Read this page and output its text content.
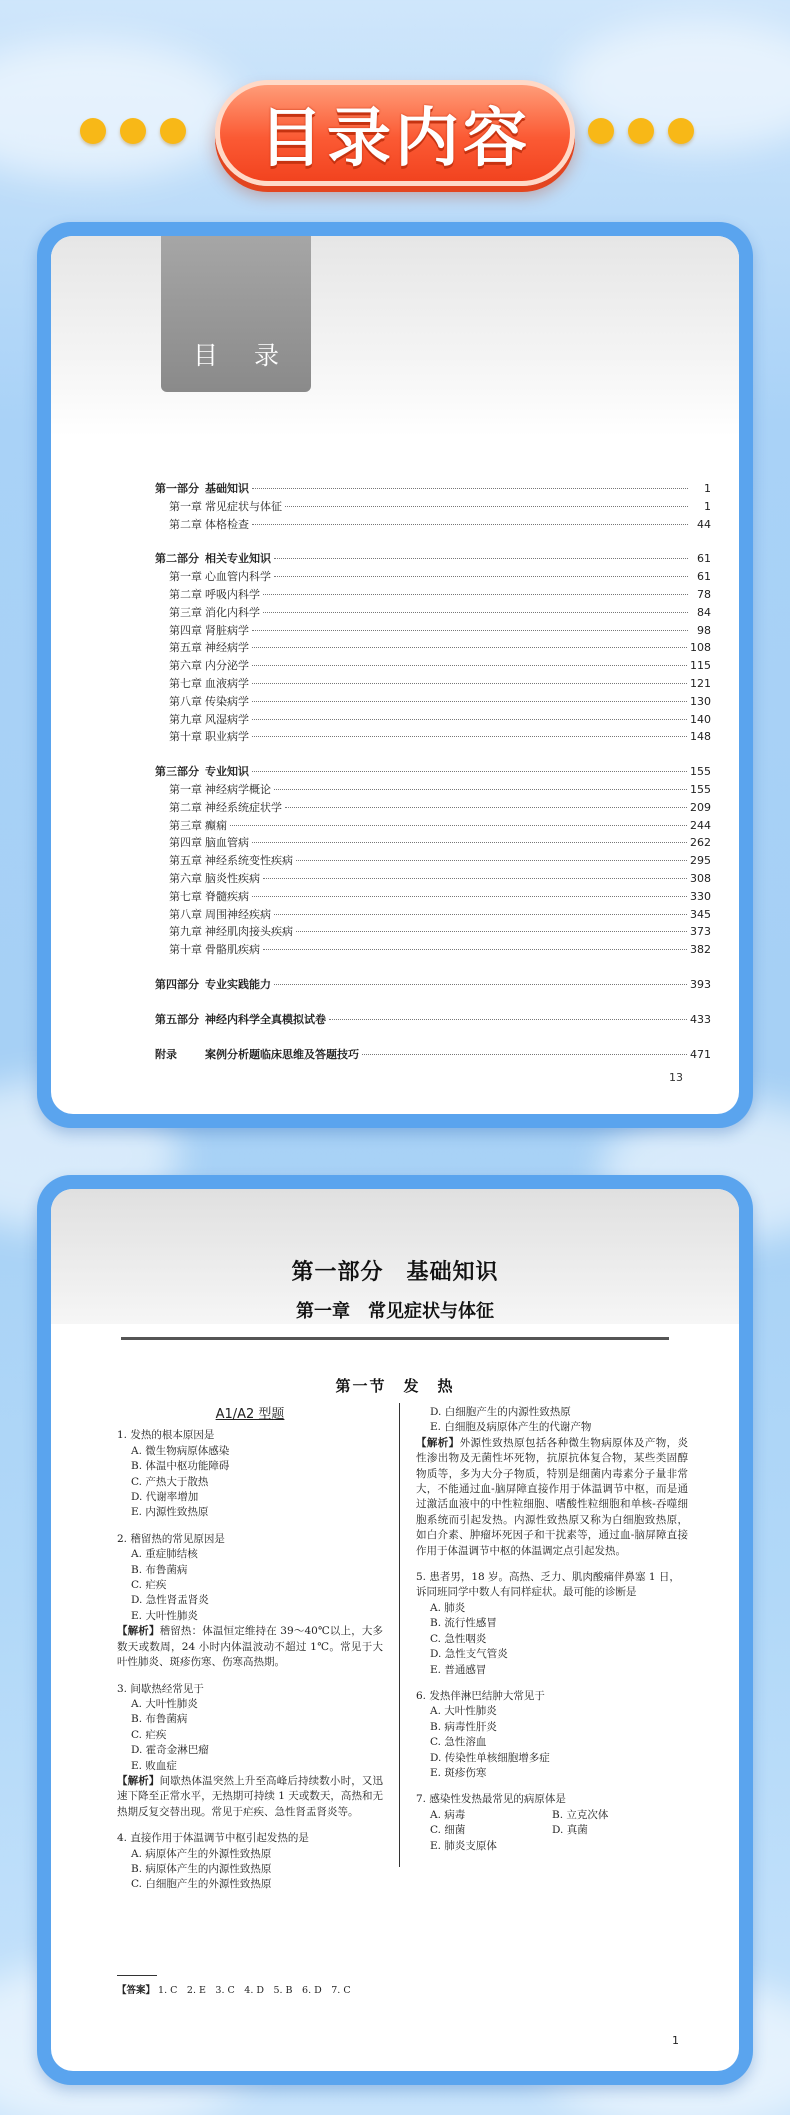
目录内容
目 录
第一部分 基础知识	1
第一章 常见症状与体征	1
第二章 体格检查	44
第二部分 相关专业知识	61
第一章 心血管内科学	61
第二章 呼吸内科学	78
第三章 消化内科学	84
第四章 肾脏病学	98
第五章 神经病学	108
第六章 内分泌学	115
第七章 血液病学	121
第八章 传染病学	130
第九章 风湿病学	140
第十章 职业病学	148
第三部分 专业知识	155
第一章 神经病学概论	155
第二章 神经系统症状学	209
第三章 癫痫	244
第四章 脑血管病	262
第五章 神经系统变性疾病	295
第六章 脑炎性疾病	308
第七章 脊髓疾病	330
第八章 周围神经疾病	345
第九章 神经肌肉接头疾病	373
第十章 骨骼肌疾病	382
第四部分 专业实践能力	393
第五部分 神经内科学全真模拟试卷	433
附录	案例分析题临床思维及答题技巧	471
13
第一部分　基础知识
第一章　常见症状与体征
第一节　发　热
A1/A2 型题
1. 发热的根本原因是
A. 微生物病原体感染
B. 体温中枢功能障碍
C. 产热大于散热
D. 代谢率增加
E. 内源性致热原
2. 稽留热的常见原因是
A. 重症肺结核
B. 布鲁菌病
C. 疟疾
D. 急性肾盂肾炎
E. 大叶性肺炎
【解析】稽留热：体温恒定维持在 39～40℃以上，大多数天或数周，24 小时内体温波动不超过 1℃。常见于大叶性肺炎、斑疹伤寒、伤寒高热期。
3. 间歇热经常见于
A. 大叶性肺炎
B. 布鲁菌病
C. 疟疾
D. 霍奇金淋巴瘤
E. 败血症
【解析】间歇热体温突然上升至高峰后持续数小时，又迅速下降至正常水平，无热期可持续 1 天或数天，高热和无热期反复交替出现。常见于疟疾、急性肾盂肾炎等。
4. 直接作用于体温调节中枢引起发热的是
A. 病原体产生的外源性致热原
B. 病原体产生的内源性致热原
C. 白细胞产生的外源性致热原
D. 白细胞产生的内源性致热原
E. 白细胞及病原体产生的代谢产物
【解析】外源性致热原包括各种微生物病原体及产物，炎性渗出物及无菌性坏死物，抗原抗体复合物，某些类固醇物质等，多为大分子物质，特别是细菌内毒素分子量非常大，不能通过血-脑屏障直接作用于体温调节中枢，而是通过激活血液中的中性粒细胞、嗜酸性粒细胞和单核-吞噬细胞系统而引起发热。内源性致热原又称为白细胞致热原，如白介素、肿瘤坏死因子和干扰素等，通过血-脑屏障直接作用于体温调节中枢的体温调定点引起发热。
5. 患者男，18 岁。高热、乏力、肌肉酸痛伴鼻塞 1 日，诉同班同学中数人有同样症状。最可能的诊断是
A. 肺炎
B. 流行性感冒
C. 急性咽炎
D. 急性支气管炎
E. 普通感冒
6. 发热伴淋巴结肿大常见于
A. 大叶性肺炎
B. 病毒性肝炎
C. 急性溶血
D. 传染性单核细胞增多症
E. 斑疹伤寒
7. 感染性发热最常见的病原体是
A. 病毒	B. 立克次体
C. 细菌	D. 真菌
E. 肺炎支原体
【答案】 1. C　2. E　3. C　4. D　5. B　6. D　7. C
1
